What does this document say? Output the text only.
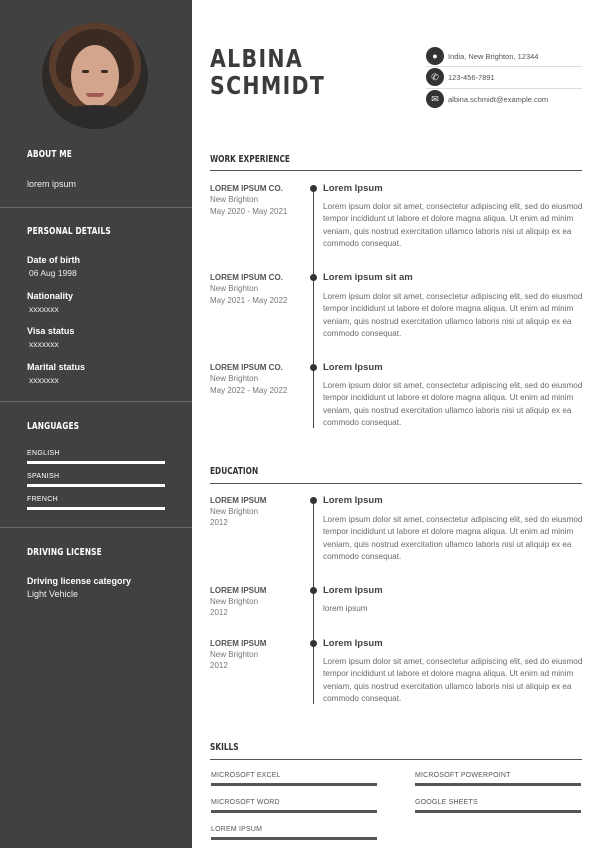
ABOUT ME
lorem ipsum
PERSONAL DETAILS
Date of birth
06 Aug 1998
Nationality
xxxxxxx
Visa status
xxxxxxx
Marital status
xxxxxxx
LANGUAGES
ENGLISH
SPANISH
FRENCH
DRIVING LICENSE
Driving license category
Light Vehicle
ALBINA
SCHMIDT
●	India, New Brighton, 12344
✆	123-456-7891
✉	albina.schmidt@example.com
WORK EXPERIENCE
LOREM IPSUM CO.
New Brighton
May 2020 - May 2021
Lorem Ipsum
Lorem ipsum dolor sit amet, consectetur adipiscing elit, sed do eiusmod tempor incididunt ut labore et dolore magna aliqua. Ut enim ad minim veniam, quis nostrud exercitation ullamco laboris nisi ut aliquip ex ea commodo consequat.
LOREM IPSUM CO.
New Brighton
May 2021 - May 2022
Lorem ipsum sit am
Lorem ipsum dolor sit amet, consectetur adipiscing elit, sed do eiusmod tempor incididunt ut labore et dolore magna aliqua. Ut enim ad minim veniam, quis nostrud exercitation ullamco laboris nisi ut aliquip ex ea commodo consequat.
LOREM IPSUM CO.
New Brighton
May 2022 - May 2022
Lorem Ipsum
Lorem ipsum dolor sit amet, consectetur adipiscing elit, sed do eiusmod tempor incididunt ut labore et dolore magna aliqua. Ut enim ad minim veniam, quis nostrud exercitation ullamco laboris nisi ut aliquip ex ea commodo consequat.
EDUCATION
LOREM IPSUM
New Brighton
2012
Lorem Ipsum
Lorem ipsum dolor sit amet, consectetur adipiscing elit, sed do eiusmod tempor incididunt ut labore et dolore magna aliqua. Ut enim ad minim veniam, quis nostrud exercitation ullamco laboris nisi ut aliquip ex ea commodo consequat.
LOREM IPSUM
New Brighton
2012
Lorem Ipsum
lorem ipsum
LOREM IPSUM
New Brighton
2012
Lorem Ipsum
Lorem ipsum dolor sit amet, consectetur adipiscing elit, sed do eiusmod tempor incididunt ut labore et dolore magna aliqua. Ut enim ad minim veniam, quis nostrud exercitation ullamco laboris nisi ut aliquip ex ea commodo consequat.
SKILLS
MICROSOFT EXCEL	MICROSOFT POWERPOINT
MICROSOFT WORD	GOOGLE SHEETS
LOREM IPSUM
